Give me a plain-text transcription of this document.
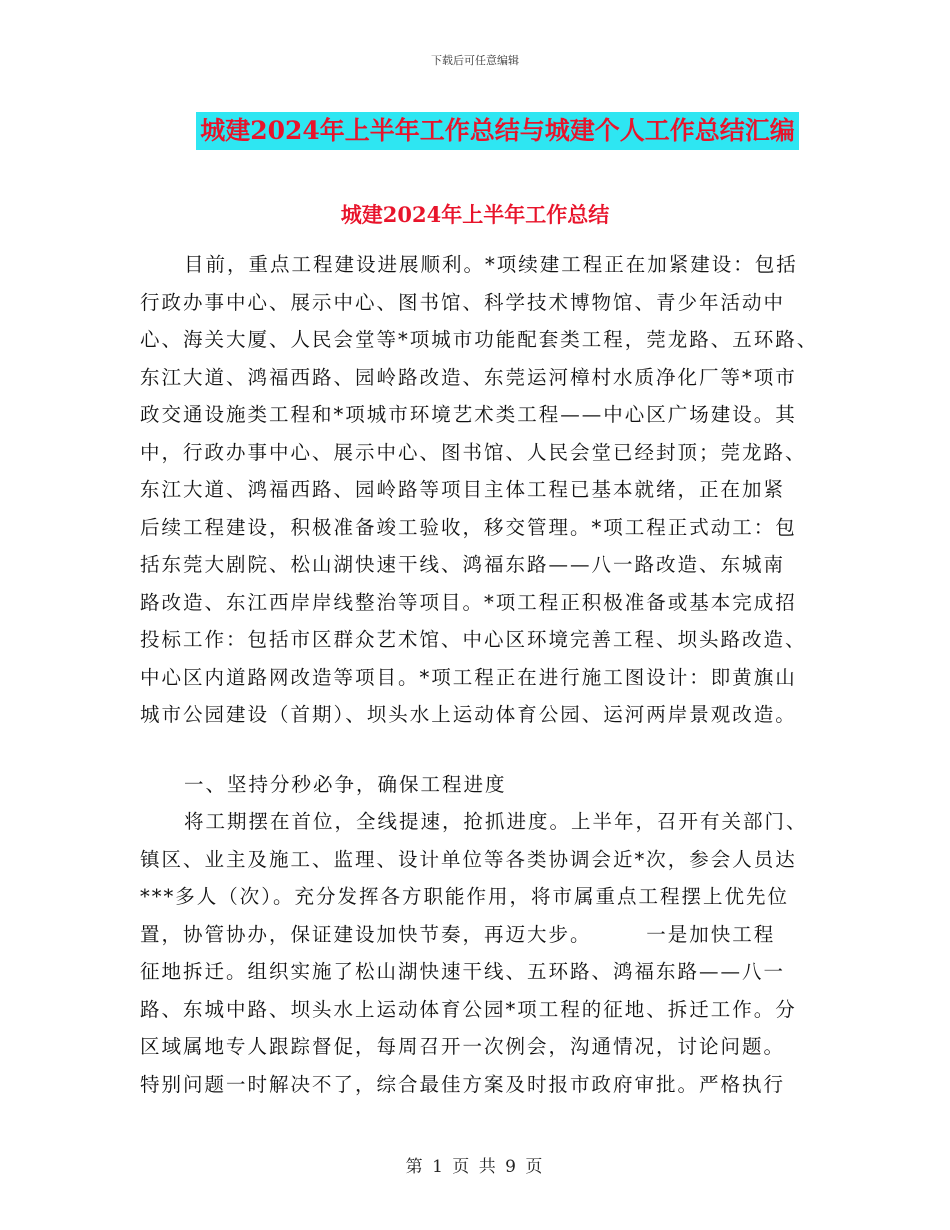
下载后可任意编辑
城建2024年上半年工作总结与城建个人工作总结汇编
城建2024年上半年工作总结
目前，重点工程建设进展顺利。*项续建工程正在加紧建设：包括
行政办事中心、展示中心、图书馆、科学技术博物馆、青少年活动中
心、海关大厦、人民会堂等*项城市功能配套类工程，莞龙路、五环路、
东江大道、鸿福西路、园岭路改造、东莞运河樟村水质净化厂等*项市
政交通设施类工程和*项城市环境艺术类工程——中心区广场建设。其
中，行政办事中心、展示中心、图书馆、人民会堂已经封顶；莞龙路、
东江大道、鸿福西路、园岭路等项目主体工程已基本就绪，正在加紧
后续工程建设，积极准备竣工验收，移交管理。*项工程正式动工：包
括东莞大剧院、松山湖快速干线、鸿福东路——八一路改造、东城南
路改造、东江西岸岸线整治等项目。*项工程正积极准备或基本完成招
投标工作：包括市区群众艺术馆、中心区环境完善工程、坝头路改造、
中心区内道路网改造等项目。*项工程正在进行施工图设计：即黄旗山
城市公园建设（首期）、坝头水上运动体育公园、运河两岸景观改造。
一、坚持分秒必争，确保工程进度
将工期摆在首位，全线提速，抢抓进度。上半年，召开有关部门、
镇区、业主及施工、监理、设计单位等各类协调会近*次，参会人员达
***多人（次）。充分发挥各方职能作用，将市属重点工程摆上优先位
置，协管协办，保证建设加快节奏，再迈大步。　　　一是加快工程
征地拆迁。组织实施了松山湖快速干线、五环路、鸿福东路——八一
路、东城中路、坝头水上运动体育公园*项工程的征地、拆迁工作。分
区域属地专人跟踪督促，每周召开一次例会，沟通情况，讨论问题。
特别问题一时解决不了，综合最佳方案及时报市政府审批。严格执行
第 1 页 共 9 页
